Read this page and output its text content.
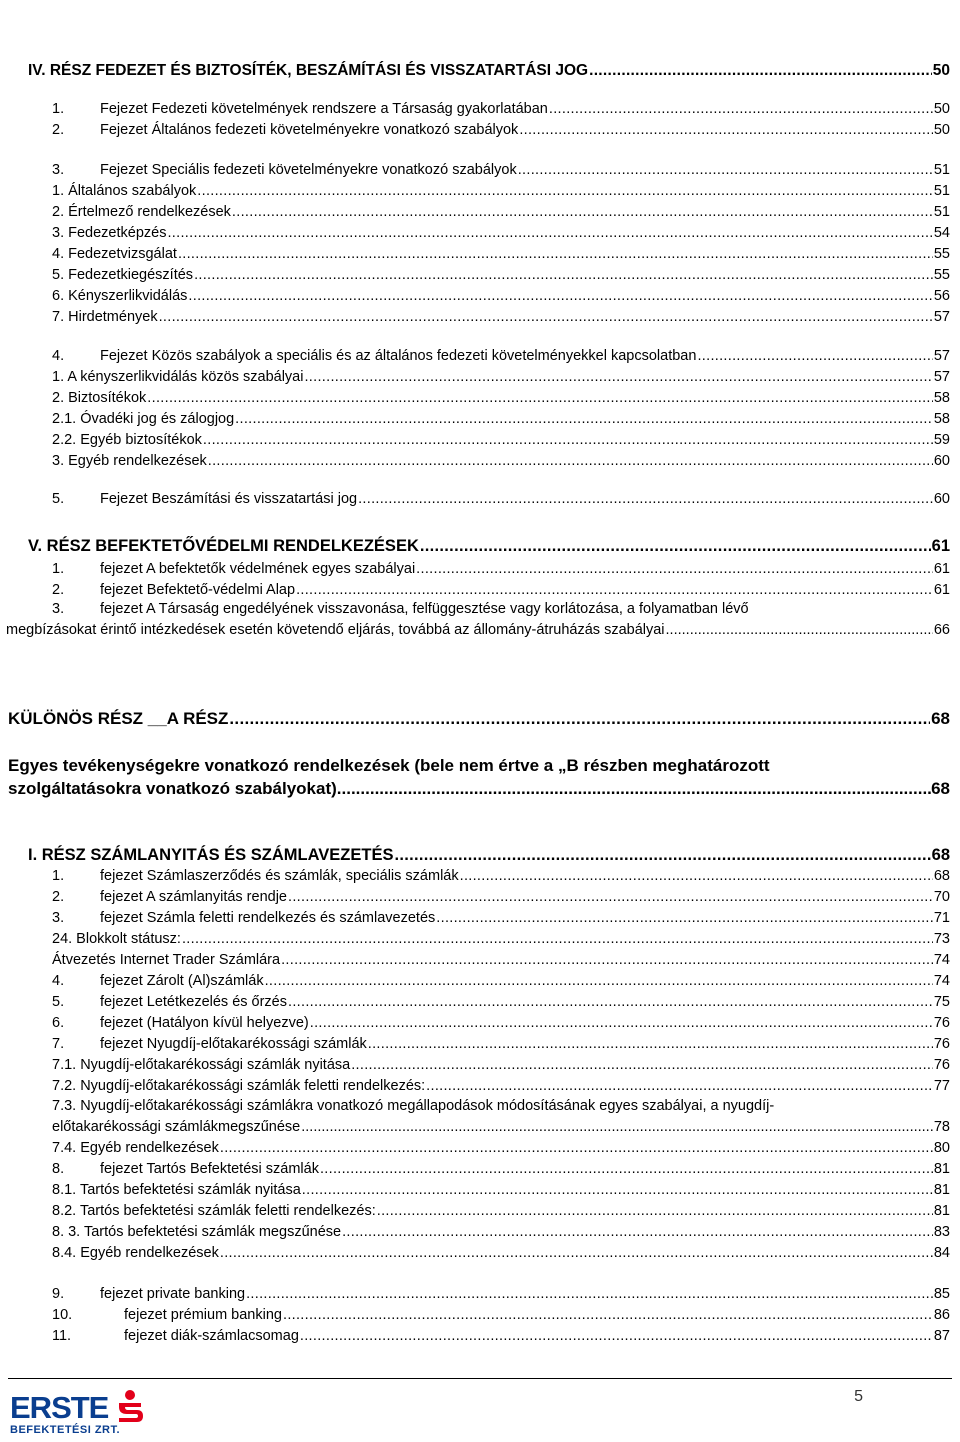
IV. RÉSZ FEDEZET ÉS BIZTOSÍTÉK, BESZÁMÍTÁSI ÉS VISSZATARTÁSI JOG .....	50
1.	Fejezet Fedezeti követelmények rendszere a Társaság gyakorlatában .....	50
2.	Fejezet Általános fedezeti követelményekre vonatkozó szabályok .....	50
3.	Fejezet Speciális fedezeti követelményekre vonatkozó szabályok .....	51
1. Általános szabályok .....	51
2. Értelmező rendelkezések .....	51
3. Fedezetképzés .....	54
4. Fedezetvizsgálat .....	55
5. Fedezetkiegészítés .....	55
6. Kényszerlikvidálás .....	56
7. Hirdetmények .....	57
4.	Fejezet Közös szabályok a speciális és az általános fedezeti követelményekkel kapcsolatban .....	57
1. A kényszerlikvidálás közös szabályai .....	57
2. Biztosítékok .....	58
2.1. Óvadéki jog és zálogjog .....	58
2.2. Egyéb biztosítékok .....	59
3. Egyéb rendelkezések .....	60
5.	Fejezet Beszámítási és visszatartási jog .....	60
V. RÉSZ BEFEKTETŐVÉDELMI RENDELKEZÉSEK .....	61
1.	fejezet A befektetők védelmének egyes szabályai .....	61
2.	fejezet Befektető-védelmi Alap .....	61
3. fejezet A Társaság engedélyének visszavonása, felfüggesztése vagy korlátozása, a folyamatban lévő
megbízásokat érintő intézkedések esetén követendő eljárás, továbbá az állomány-átruházás szabályai .....	66
KÜLÖNÖS RÉSZ __A RÉSZ .....	68
Egyes tevékenységekre vonatkozó rendelkezések (bele nem értve a „B részben meghatározott
szolgáltatásokra vonatkozó szabályokat) .....	68
I. RÉSZ SZÁMLANYITÁS ÉS SZÁMLAVEZETÉS .....	68
1.	fejezet Számlaszerződés és számlák, speciális számlák .....	68
2.	fejezet A számlanyitás rendje .....	70
3.	fejezet Számla feletti rendelkezés és számlavezetés .....	71
24. Blokkolt státusz: .....	73
Átvezetés Internet Trader Számlára .....	74
4.	fejezet Zárolt (Al)számlák .....	74
5.	fejezet Letétkezelés és őrzés .....	75
6.	fejezet (Hatályon kívül helyezve) .....	76
7.	fejezet Nyugdíj-előtakarékossági számlák .....	76
7.1. Nyugdíj-előtakarékossági számlák nyitása .....	76
7.2. Nyugdíj-előtakarékossági számlák feletti rendelkezés: .....	77
7.3. Nyugdíj-előtakarékossági számlákra vonatkozó megállapodások módosításának egyes szabályai, a nyugdíj-
előtakarékossági számlákmegszűnése .....	78
7.4. Egyéb rendelkezések .....	80
8.	fejezet Tartós Befektetési számlák .....	81
8.1. Tartós befektetési számlák nyitása .....	81
8.2. Tartós befektetési számlák feletti rendelkezés: .....	81
8. 3. Tartós befektetési számlák megszűnése .....	83
8.4. Egyéb rendelkezések .....	84
9.	fejezet private banking .....	85
10.	fejezet prémium banking .....	86
11.	fejezet diák-számlacsomag .....	87
ERSTE
BEFEKTETÉSI ZRT.
5
